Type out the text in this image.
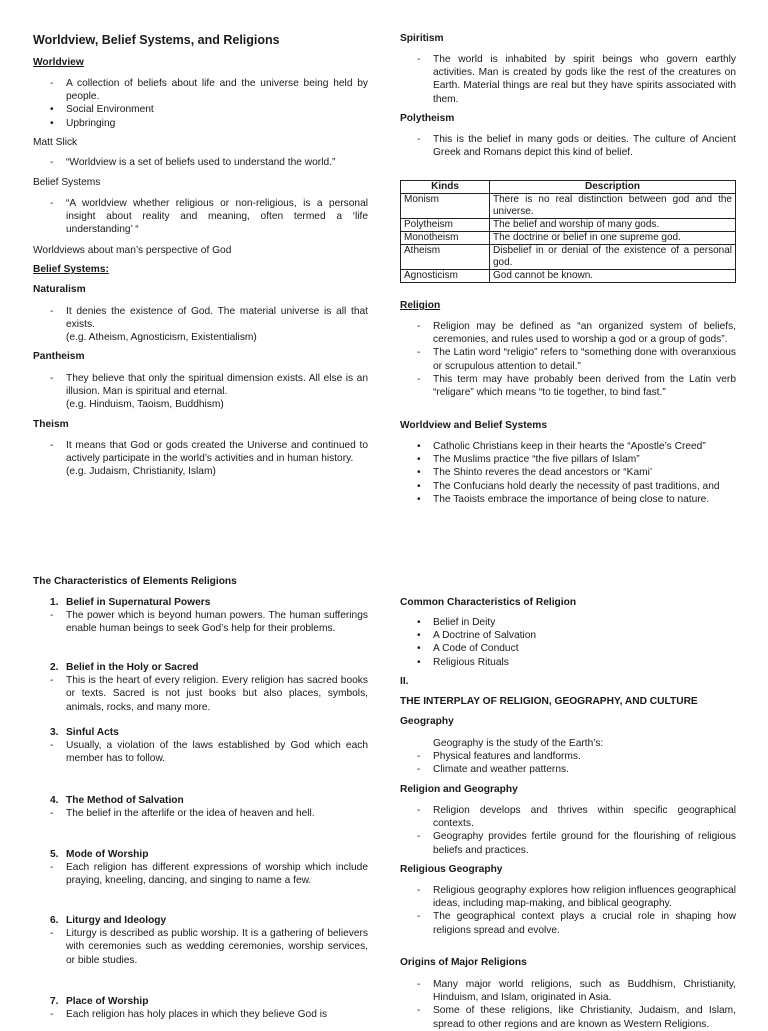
Worldview, Belief Systems, and Religions
Worldview
- A collection of beliefs about life and the universe being held by people.
• Social Environment
• Upbringing
Matt Slick
- “Worldview is a set of beliefs used to understand the world.”
Belief Systems
- “A worldview whether religious or non-religious, is a personal insight about reality and meaning, often termed a ‘life understanding’ “
Worldviews about man’s perspective of God
Belief Systems:
Naturalism
- It denies the existence of God. The material universe is all that exists.
(e.g. Atheism, Agnosticism, Existentialism)
Pantheism
- They believe that only the spiritual dimension exists. All else is an illusion. Man is spiritual and eternal.
(e.g. Hinduism, Taoism, Buddhism)
Theism
- It means that God or gods created the Universe and continued to actively participate in the world’s activities and in human history.
(e.g. Judaism, Christianity, Islam)
The Characteristics of Elements Religions
1. Belief in Supernatural Powers
- The power which is beyond human powers. The human sufferings enable human beings to seek God’s help for their problems.
2. Belief in the Holy or Sacred
- This is the heart of every religion. Every religion has sacred books or texts. Sacred is not just books but also places, symbols, animals, rocks, and many more.
3. Sinful Acts
- Usually, a violation of the laws established by God which each member has to follow.
4. The Method of Salvation
- The belief in the afterlife or the idea of heaven and hell.
5. Mode of Worship
- Each religion has different expressions of worship which include praying, kneeling, dancing, and singing to name a few.
6. Liturgy and Ideology
- Liturgy is described as public worship. It is a gathering of believers with ceremonies such as wedding ceremonies, worship services, or bible studies.
7. Place of Worship
- Each religion has holy places in which they believe God is
Spiritism
- The world is inhabited by spirit beings who govern earthly activities. Man is created by gods like the rest of the creatures on Earth. Material things are real but they have spirits associated with them.
Polytheism
- This is the belief in many gods or deities. The culture of Ancient Greek and Romans depict this kind of belief.
Kinds	Description
Monism	There is no real distinction between god and the universe.
Polytheism	The belief and worship of many gods.
Monotheism	The doctrine or belief in one supreme god.
Atheism	Disbelief in or denial of the existence of a personal god.
Agnosticism	God cannot be known.
Religion
- Religion may be defined as “an organized system of beliefs, ceremonies, and rules used to worship a god or a group of gods”.
- The Latin word “religio” refers to “something done with overanxious or scrupulous attention to detail.”
- This term may have probably been derived from the Latin verb “religare” which means “to tie together, to bind fast.”
Worldview and Belief Systems
• Catholic Christians keep in their hearts the “Apostle’s Creed”
• The Muslims practice “the five pillars of Islam”
• The Shinto reveres the dead ancestors or “Kami’
• The Confucians hold dearly the necessity of past traditions, and
• The Taoists embrace the importance of being close to nature.
Common Characteristics of Religion
• Belief in Deity
• A Doctrine of Salvation
• A Code of Conduct
• Religious Rituals
II.
THE INTERPLAY OF RELIGION, GEOGRAPHY, AND CULTURE
Geography
Geography is the study of the Earth’s:
- Physical features and landforms.
- Climate and weather patterns.
Religion and Geography
- Religion develops and thrives within specific geographical contexts.
- Geography provides fertile ground for the flourishing of religious beliefs and practices.
Religious Geography
- Religious geography explores how religion influences geographical ideas, including map-making, and biblical geography.
- The geographical context plays a crucial role in shaping how religions spread and evolve.
Origins of Major Religions
- Many major world religions, such as Buddhism, Christianity, Hinduism, and Islam, originated in Asia.
- Some of these religions, like Christianity, Judaism, and Islam, spread to other regions and are known as Western Religions.
